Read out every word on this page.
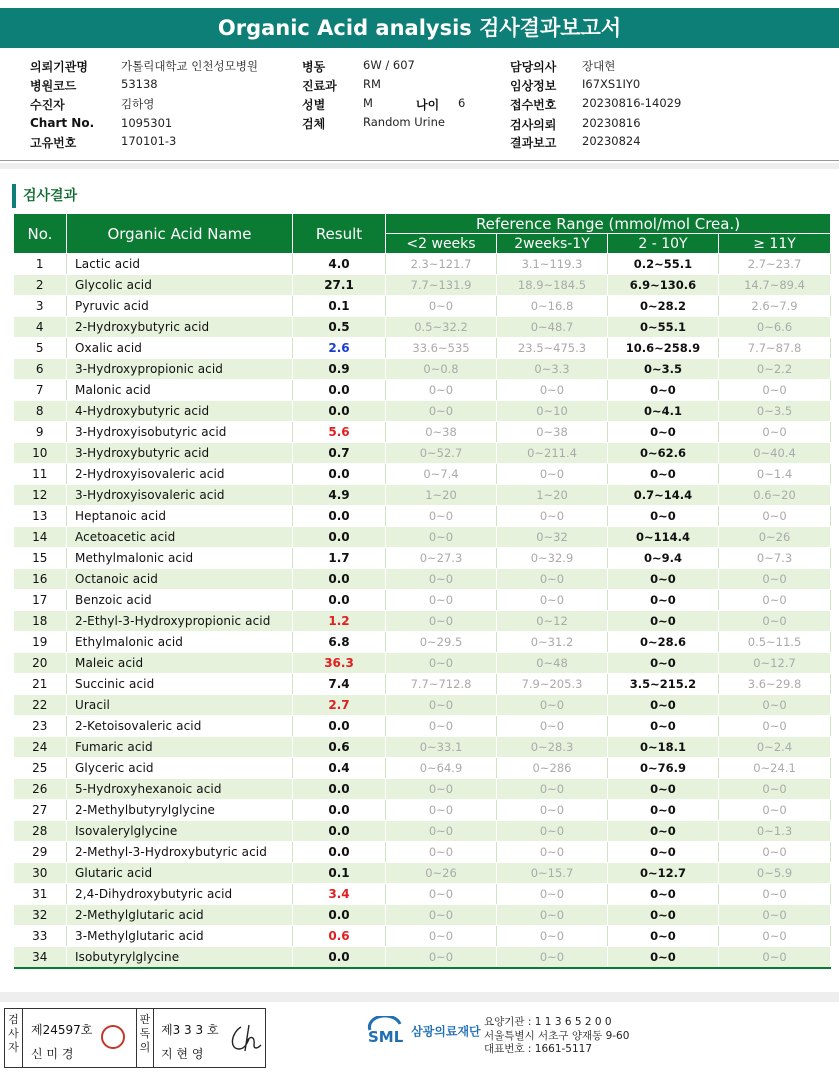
Organic Acid analysis 검사결과보고서
의뢰기관명	가톨릭대학교 인천성모병원
병원코드	53138
수진자	김하영
Chart No. 1095301
고유번호	170101-3
병동	6W / 607
진료과 RM
성별	M	나이 6
검체	Random Urine
담당의사 장대현
임상정보 I67XS1IY0
접수번호 20230816-14029
검사의뢰 20230816
결과보고 20230824
검사결과
No.	Organic Acid Name	Result	Reference Range (mmol/mol Crea.)			
			<2 weeks	2weeks-1Y	2 - 10Y	≥ 11Y
1	Lactic acid	4.0	2.3~121.7	3.1~119.3	0.2~55.1	2.7~23.7
2	Glycolic acid	27.1	7.7~131.9	18.9~184.5	6.9~130.6	14.7~89.4
3	Pyruvic acid	0.1	0~0	0~16.8	0~28.2	2.6~7.9
4	2-Hydroxybutyric acid	0.5	0.5~32.2	0~48.7	0~55.1	0~6.6
5	Oxalic acid	2.6	33.6~535	23.5~475.3	10.6~258.9	7.7~87.8
6	3-Hydroxypropionic acid	0.9	0~0.8	0~3.3	0~3.5	0~2.2
7	Malonic acid	0.0	0~0	0~0	0~0	0~0
8	4-Hydroxybutyric acid	0.0	0~0	0~10	0~4.1	0~3.5
9	3-Hydroxyisobutyric acid	5.6	0~38	0~38	0~0	0~0
10	3-Hydroxybutyric acid	0.7	0~52.7	0~211.4	0~62.6	0~40.4
11	2-Hydroxyisovaleric acid	0.0	0~7.4	0~0	0~0	0~1.4
12	3-Hydroxyisovaleric acid	4.9	1~20	1~20	0.7~14.4	0.6~20
13	Heptanoic acid	0.0	0~0	0~0	0~0	0~0
14	Acetoacetic acid	0.0	0~0	0~32	0~114.4	0~26
15	Methylmalonic acid	1.7	0~27.3	0~32.9	0~9.4	0~7.3
16	Octanoic acid	0.0	0~0	0~0	0~0	0~0
17	Benzoic acid	0.0	0~0	0~0	0~0	0~0
18	2-Ethyl-3-Hydroxypropionic acid	1.2	0~0	0~12	0~0	0~0
19	Ethylmalonic acid	6.8	0~29.5	0~31.2	0~28.6	0.5~11.5
20	Maleic acid	36.3	0~0	0~48	0~0	0~12.7
21	Succinic acid	7.4	7.7~712.8	7.9~205.3	3.5~215.2	3.6~29.8
22	Uracil	2.7	0~0	0~0	0~0	0~0
23	2-Ketoisovaleric acid	0.0	0~0	0~0	0~0	0~0
24	Fumaric acid	0.6	0~33.1	0~28.3	0~18.1	0~2.4
25	Glyceric acid	0.4	0~64.9	0~286	0~76.9	0~24.1
26	5-Hydroxyhexanoic acid	0.0	0~0	0~0	0~0	0~0
27	2-Methylbutyrylglycine	0.0	0~0	0~0	0~0	0~0
28	Isovalerylglycine	0.0	0~0	0~0	0~0	0~1.3
29	2-Methyl-3-Hydroxybutyric acid	0.0	0~0	0~0	0~0	0~0
30	Glutaric acid	0.1	0~26	0~15.7	0~12.7	0~5.9
31	2,4-Dihydroxybutyric acid	3.4	0~0	0~0	0~0	0~0
32	2-Methylglutaric acid	0.0	0~0	0~0	0~0	0~0
33	3-Methylglutaric acid	0.6	0~0	0~0	0~0	0~0
34	Isobutyrylglycine	0.0	0~0	0~0	0~0	0~0
검
사
자
제24597호
신 미 경
판
독
의
제3 3 3 호
지 현 영
SML 삼광의료재단
요양기관 : 1 1 3 6 5 2 0 0
서울특별시 서초구 양재동 9-60
대표번호 : 1661-5117
